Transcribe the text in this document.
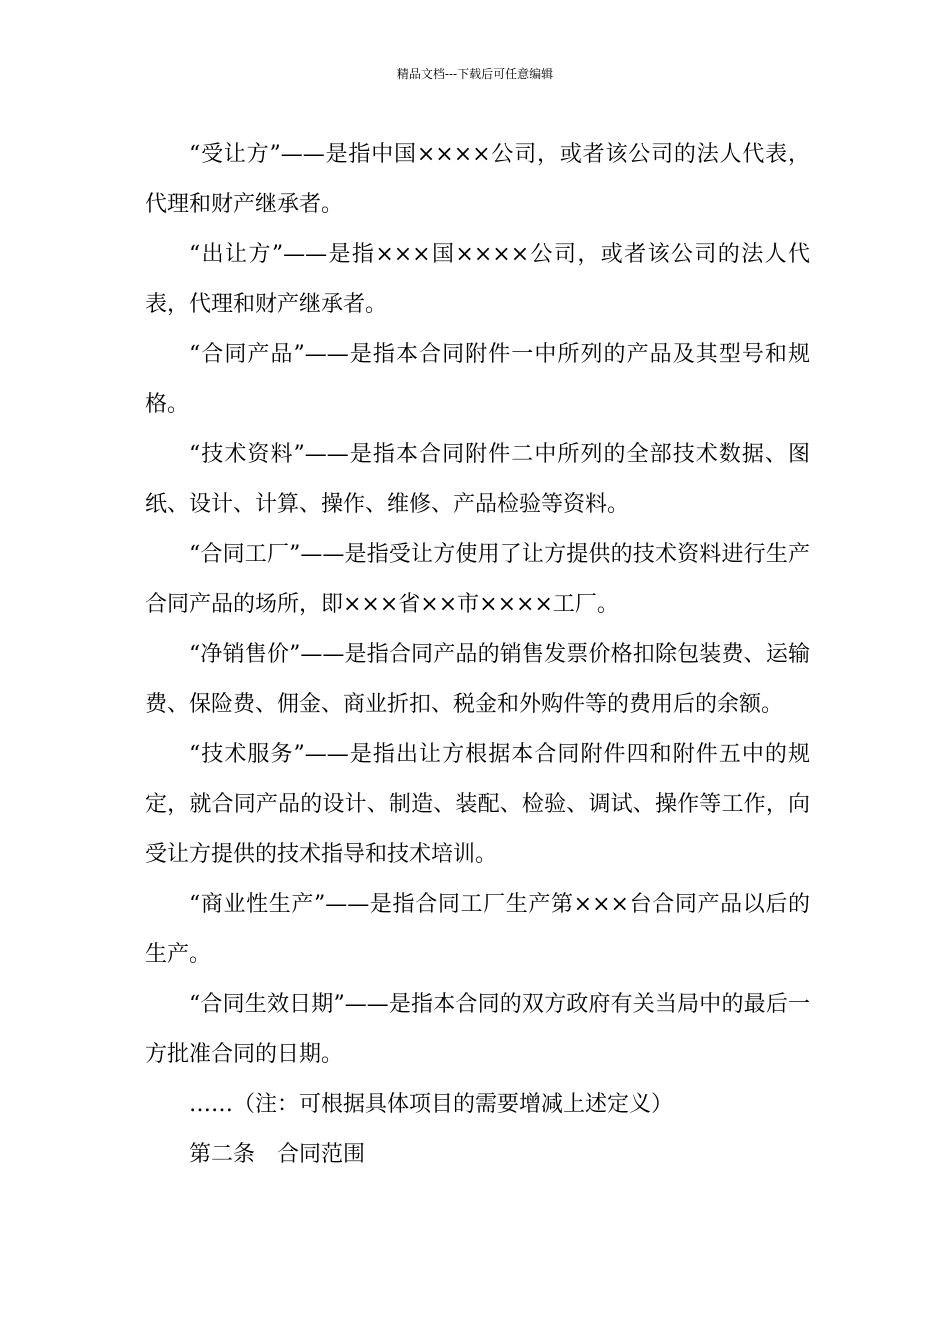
精品文档---下载后可任意编辑

“受让方”——是指中国××××公司，或者该公司的法人代表，代理和财产继承者。

“出让方”——是指×××国××××公司，或者该公司的法人代表，代理和财产继承者。

“合同产品”——是指本合同附件一中所列的产品及其型号和规格。

“技术资料”——是指本合同附件二中所列的全部技术数据、图纸、设计、计算、操作、维修、产品检验等资料。

“合同工厂”——是指受让方使用了让方提供的技术资料进行生产合同产品的场所，即×××省××市××××工厂。

“净销售价”——是指合同产品的销售发票价格扣除包装费、运输费、保险费、佣金、商业折扣、税金和外购件等的费用后的余额。

“技术服务”——是指出让方根据本合同附件四和附件五中的规定，就合同产品的设计、制造、装配、检验、调试、操作等工作，向受让方提供的技术指导和技术培训。

“商业性生产”——是指合同工厂生产第×××台合同产品以后的生产。

“合同生效日期”——是指本合同的双方政府有关当局中的最后一方批准合同的日期。

……（注：可根据具体项目的需要增减上述定义）

第二条　合同范围
